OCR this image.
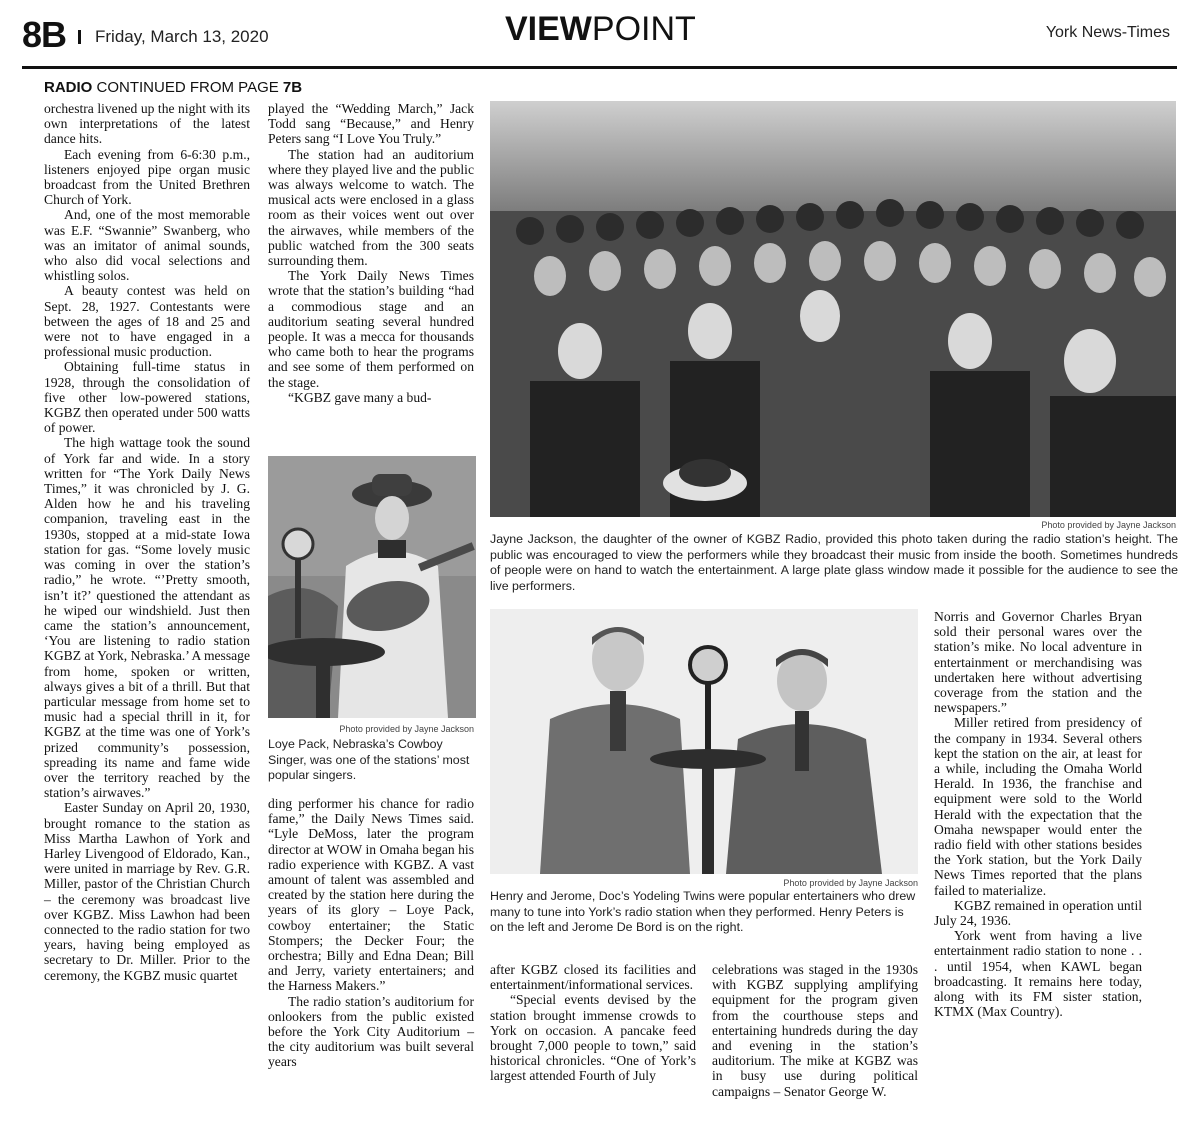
8B Friday, March 13, 2020	VIEWPOINT	York News-Times
RADIO CONTINUED FROM PAGE 7B

orchestra livened up the night with its own interpretations of the latest dance hits.

Each evening from 6-6:30 p.m., listeners enjoyed pipe organ music broadcast from the United Brethren Church of York.

And, one of the most memorable was E.F. “Swannie” Swanberg, who was an imitator of animal sounds, who also did vocal selections and whistling solos.

A beauty contest was held on Sept. 28, 1927. Contestants were between the ages of 18 and 25 and were not to have engaged in a professional music production.

Obtaining full-time status in 1928, through the consolidation of five other low-powered stations, KGBZ then operated under 500 watts of power.

The high wattage took the sound of York far and wide. In a story written for “The York Daily News Times,” it was chronicled by J. G. Alden how he and his traveling companion, traveling east in the 1930s, stopped at a mid-state Iowa station for gas. “Some lovely music was coming in over the station’s radio,” he wrote. “’Pretty smooth, isn’t it?’ questioned the attendant as he wiped our windshield. Just then came the station’s announcement, ‘You are listening to radio station KGBZ at York, Nebraska.’ A message from home, spoken or written, always gives a bit of a thrill. But that particular message from home set to music had a special thrill in it, for KGBZ at the time was one of York’s prized community’s possession, spreading its name and fame wide over the territory reached by the station’s airwaves.”

Easter Sunday on April 20, 1930, brought romance to the station as Miss Martha Lawhon of York and Harley Livengood of Eldorado, Kan., were united in marriage by Rev. G.R. Miller, pastor of the Christian Church – the ceremony was broadcast live over KGBZ. Miss Lawhon had been connected to the radio station for two years, having being employed as secretary to Dr. Miller. Prior to the ceremony, the KGBZ music quartet

played the “Wedding March,” Jack Todd sang “Because,” and Henry Peters sang “I Love You Truly.”

The station had an auditorium where they played live and the public was always welcome to watch. The musical acts were enclosed in a glass room as their voices went out over the airwaves, while members of the public watched from the 300 seats surrounding them.

The York Daily News Times wrote that the station’s building “had a commodious stage and an auditorium seating several hundred people. It was a mecca for thousands who came both to hear the programs and see some of them performed on the stage.

“KGBZ gave many a bud-

Photo provided by Jayne Jackson
Loye Pack, Nebraska’s Cowboy Singer, was one of the stations’ most popular singers.

ding performer his chance for radio fame,” the Daily News Times said. “Lyle DeMoss, later the program director at WOW in Omaha began his radio experience with KGBZ. A vast amount of talent was assembled and created by the station here during the years of its glory – Loye Pack, cowboy entertainer; the Static Stompers; the Decker Four; the orchestra; Billy and Edna Dean; Bill and Jerry, variety entertainers; and the Harness Makers.”

The radio station’s auditorium for onlookers from the public existed before the York City Auditorium – the city auditorium was built several years

Photo provided by Jayne Jackson
Jayne Jackson, the daughter of the owner of KGBZ Radio, provided this photo taken during the radio station’s height. The public was encouraged to view the performers while they broadcast their music from inside the booth. Sometimes hundreds of people were on hand to watch the entertainment. A large plate glass window made it possible for the audience to see the live performers.
Photo provided by Jayne Jackson
Henry and Jerome, Doc’s Yodeling Twins were popular entertainers who drew many to tune into York’s radio station when they performed. Henry Peters is on the left and Jerome De Bord is on the right.

after KGBZ closed its facilities and entertainment/informational services.

“Special events devised by the station brought immense crowds to York on occasion. A pancake feed brought 7,000 people to town,” said historical chronicles. “One of York’s largest attended Fourth of July

celebrations was staged in the 1930s with KGBZ supplying amplifying equipment for the program given from the courthouse steps and entertaining hundreds during the day and evening in the station’s auditorium. The mike at KGBZ was in busy use during political campaigns – Senator George W.

Norris and Governor Charles Bryan sold their personal wares over the station’s mike. No local adventure in entertainment or merchandising was undertaken here without advertising coverage from the station and the newspapers.”

Miller retired from presidency of the company in 1934. Several others kept the station on the air, at least for a while, including the Omaha World Herald. In 1936, the franchise and equipment were sold to the World Herald with the expectation that the Omaha newspaper would enter the radio field with other stations besides the York station, but the York Daily News Times reported that the plans failed to materialize.

KGBZ remained in operation until July 24, 1936.

York went from having a live entertainment radio station to none . . . until 1954, when KAWL began broadcasting. It remains here today, along with its FM sister station, KTMX (Max Country).
